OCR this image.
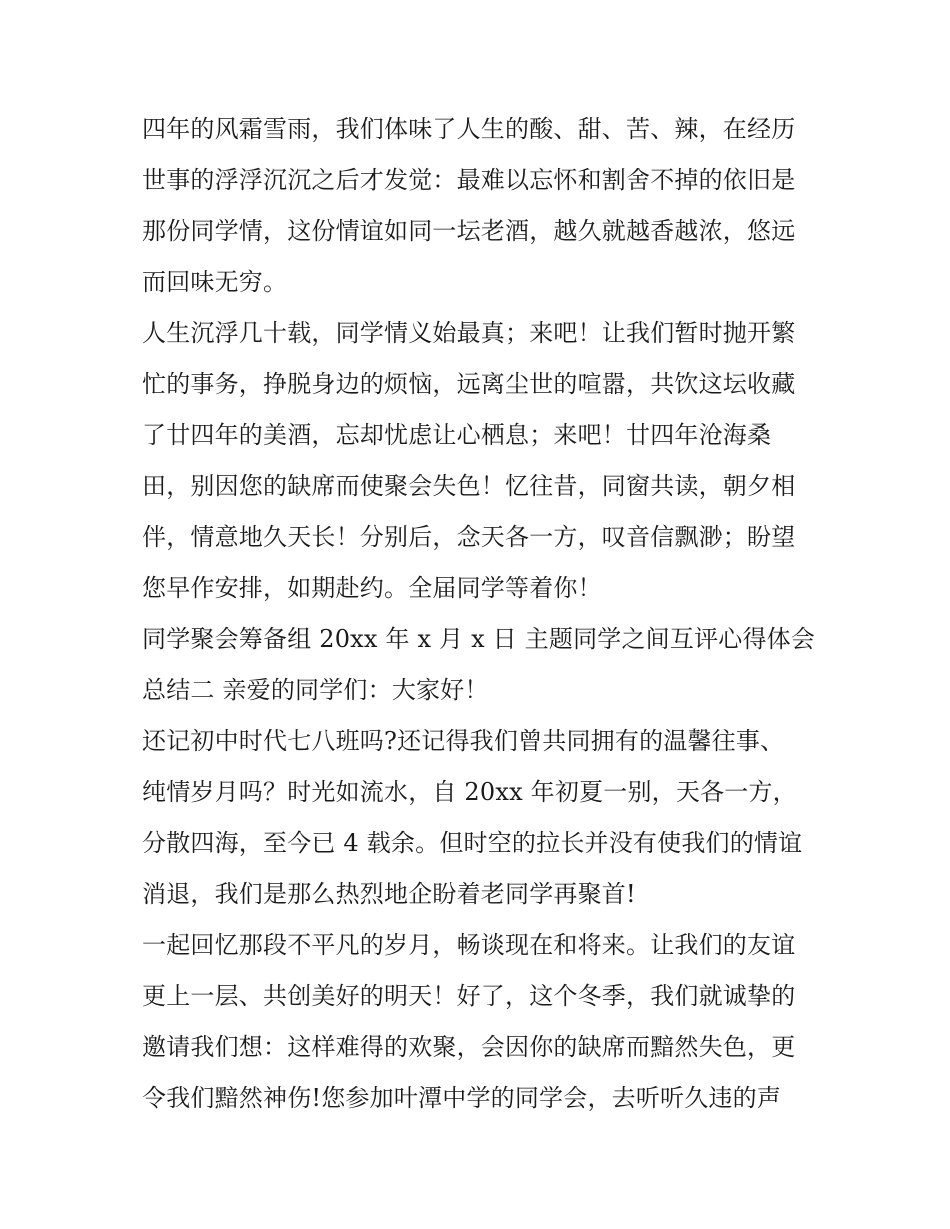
四年的风霜雪雨，我们体味了人生的酸、甜、苦、辣，在经历
世事的浮浮沉沉之后才发觉：最难以忘怀和割舍不掉的依旧是
那份同学情，这份情谊如同一坛老酒，越久就越香越浓，悠远
而回味无穷。
人生沉浮几十载，同学情义始最真；来吧！让我们暂时抛开繁
忙的事务，挣脱身边的烦恼，远离尘世的喧嚣，共饮这坛收藏
了廿四年的美酒，忘却忧虑让心栖息；来吧！廿四年沧海桑
田，别因您的缺席而使聚会失色！忆往昔，同窗共读，朝夕相
伴，情意地久天长！分别后，念天各一方，叹音信飘渺；盼望
您早作安排，如期赴约。全届同学等着你！
同学聚会筹备组 20xx 年 x 月 x 日 主题同学之间互评心得体会
总结二 亲爱的同学们：大家好！
还记初中时代七八班吗?还记得我们曾共同拥有的温馨往事、
纯情岁月吗？时光如流水，自 20xx 年初夏一别，天各一方，
分散四海，至今已 4 载余。但时空的拉长并没有使我们的情谊
消退，我们是那么热烈地企盼着老同学再聚首!
一起回忆那段不平凡的岁月，畅谈现在和将来。让我们的友谊
更上一层、共创美好的明天！好了，这个冬季，我们就诚挚的
邀请我们想：这样难得的欢聚，会因你的缺席而黯然失色，更
令我们黯然神伤!您参加叶潭中学的同学会，去听听久违的声
